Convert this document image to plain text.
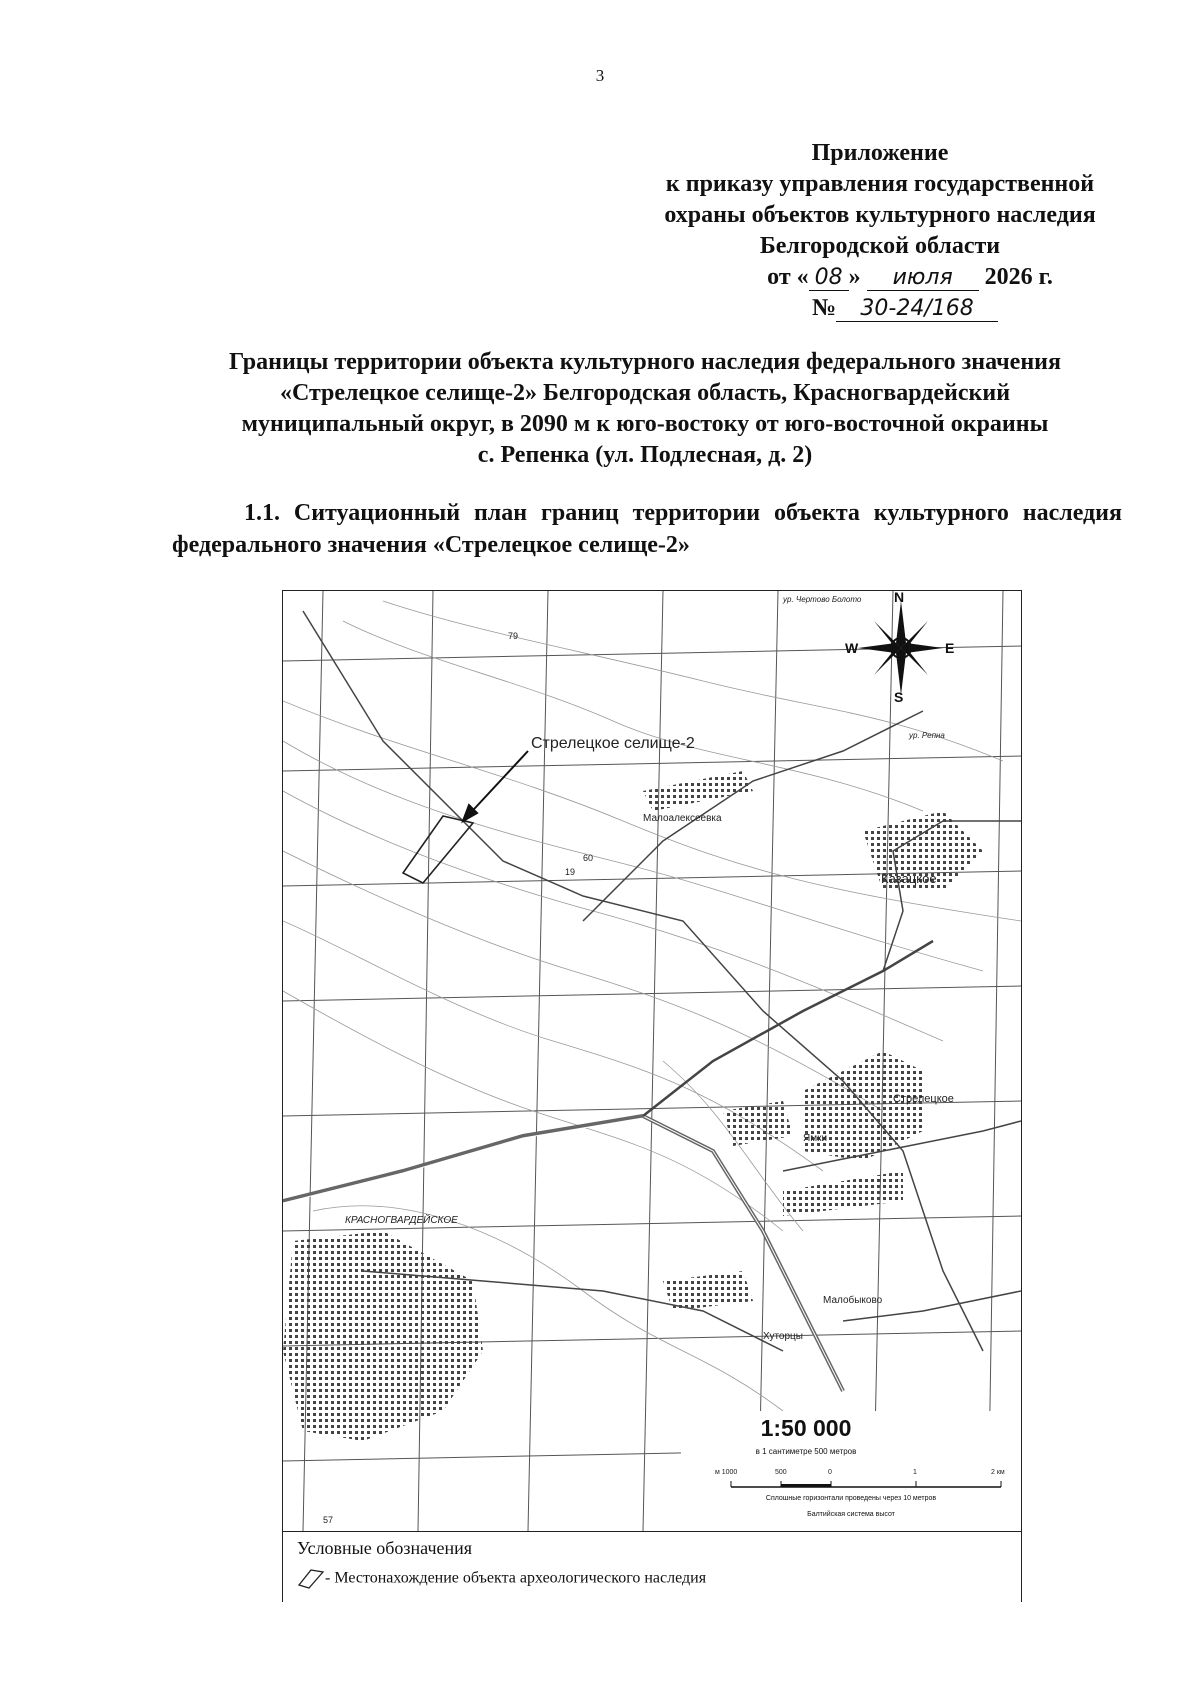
3
Приложение
к приказу управления государственной
охраны объектов культурного наследия
Белгородской области
от « 08 » июля 2026 г.
№ 30-24/168
Границы территории объекта культурного наследия федерального значения
«Стрелецкое селище-2» Белгородская область, Красногвардейский
муниципальный округ, в 2090 м к юго-востоку от юго-восточной окраины
с. Репенка (ул. Подлесная, д. 2)
1.1. Ситуационный план границ территории объекта культурного наследия федерального значения «Стрелецкое селище-2»
N
S
W	E
Стрелецкое селище-2
Малоалексеевка
Казацкое
Стрелецкое
Ямки
КРАСНОГВАРДЕЙСКОЕ
Малобыково
Хуторцы
ур. Чертово Болото
ур. Репна
79
60
19
57
1:50 000
в 1 сантиметре 500 метров
м 1000	500	0	1	2 км
Сплошные горизонтали проведены через 10 метров
Балтийская система высот
Условные обозначения
- Местонахождение объекта археологического наследия
